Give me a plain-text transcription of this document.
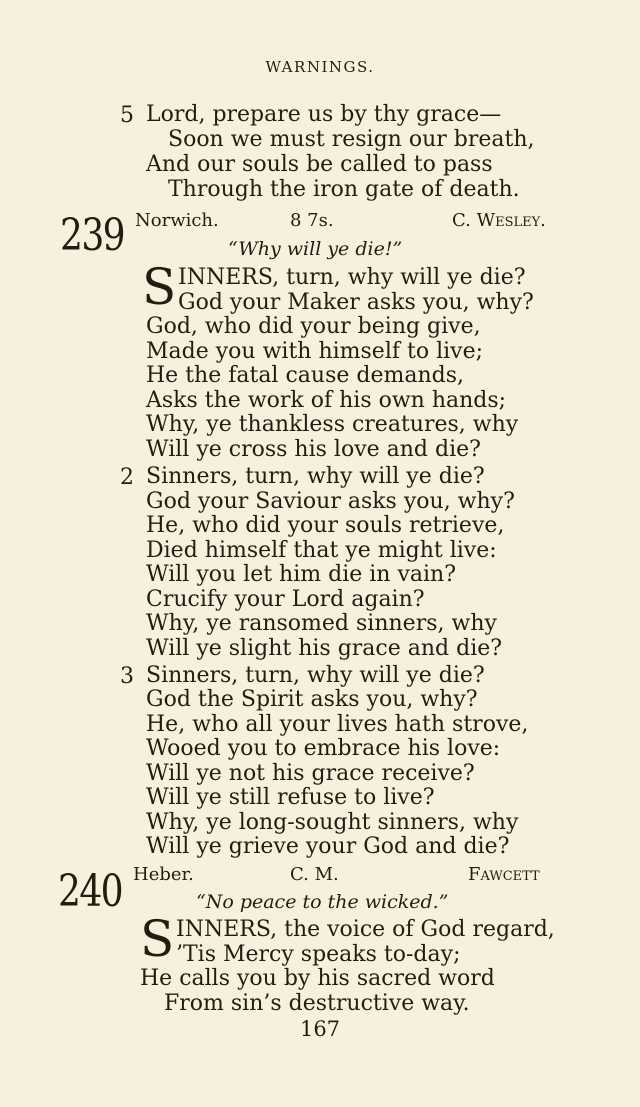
WARNINGS.
5 Lord, prepare us by thy grace—
Soon we must resign our breath,
And our souls be called to pass
Through the iron gate of death.
239 Norwich.	8 7s.	C. Wesley.
“Why will ye die!”
S INNERS, turn, why will ye die?
God your Maker asks you, why?
God, who did your being give,
Made you with himself to live;
He the fatal cause demands,
Asks the work of his own hands;
Why, ye thankless creatures, why
Will ye cross his love and die?
2 Sinners, turn, why will ye die?
God your Saviour asks you, why?
He, who did your souls retrieve,
Died himself that ye might live:
Will you let him die in vain?
Crucify your Lord again?
Why, ye ransomed sinners, why
Will ye slight his grace and die?
3 Sinners, turn, why will ye die?
God the Spirit asks you, why?
He, who all your lives hath strove,
Wooed you to embrace his love:
Will ye not his grace receive?
Will ye still refuse to live?
Why, ye long-sought sinners, why
Will ye grieve your God and die?
240 Heber.	C. M.	Fawcett
“No peace to the wicked.”
S INNERS, the voice of God regard,
’Tis Mercy speaks to-day;
He calls you by his sacred word
From sin’s destructive way.
167
